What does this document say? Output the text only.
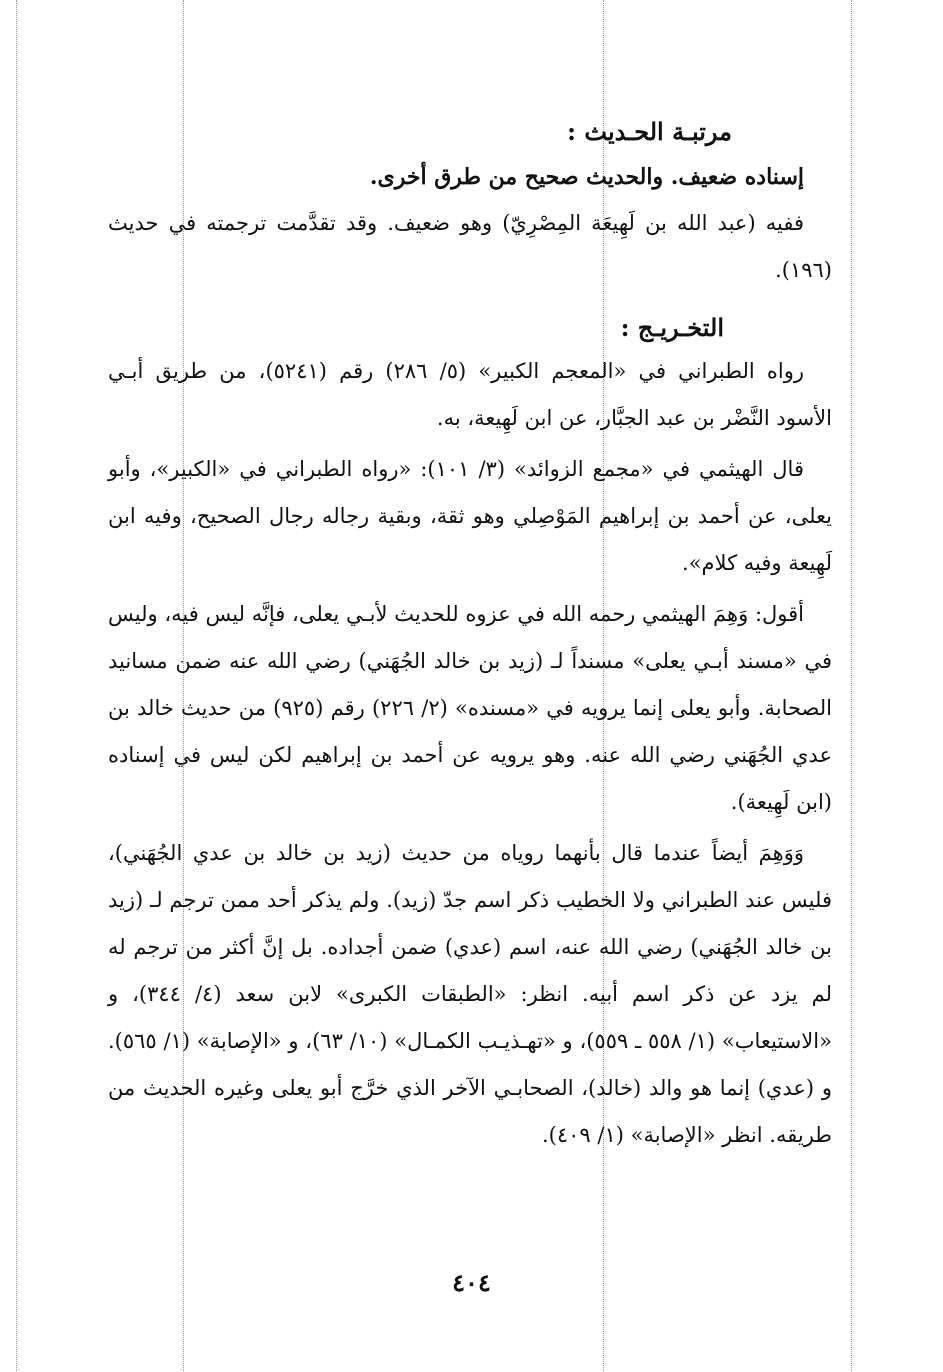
مرتبـة الحـديث :

إسناده ضعيف. والحديث صحيح من طرق أخرى.

ففيه (عبد الله بن لَهِيعَة المِصْرِيّ) وهو ضعيف. وقد تقدَّمت ترجمته في حديث (١٩٦).

التخـريـج :

رواه الطبراني في «المعجم الكبير» (٥/ ٢٨٦) رقم (٥٢٤١)، من طريق أبـي الأسود النَّضْر بن عبد الجبَّار، عن ابن لَهِيعة، به.

قال الهيثمي في «مجمع الزوائد» (٣/ ١٠١): «رواه الطبراني في «الكبير»، وأبو يعلى، عن أحمد بن إبراهيم المَوْصِلي وهو ثقة، وبقية رجاله رجال الصحيح، وفيه ابن لَهِيعة وفيه كلام».

أقول: وَهِمَ الهيثمي رحمه الله في عزوه للحديث لأبـي يعلى، فإنَّه ليس فيه، وليس في «مسند أبـي يعلى» مسنداً لـ (زيد بن خالد الجُهَني) رضي الله عنه ضمن مسانيد الصحابة. وأبو يعلى إنما يرويه في «مسنده» (٢/ ٢٢٦) رقم (٩٢٥) من حديث خالد بن عدي الجُهَني رضي الله عنه. وهو يرويه عن أحمد بن إبراهيم لكن ليس في إسناده (ابن لَهِيعة).

وَوَهِمَ أيضاً عندما قال بأنهما روياه من حديث (زيد بن خالد بن عدي الجُهَني)، فليس عند الطبراني ولا الخطيب ذكر اسم جدّ (زيد). ولم يذكر أحد ممن ترجم لـ (زيد بن خالد الجُهَني) رضي الله عنه، اسم (عدي) ضمن أجداده. بل إنَّ أكثر من ترجم له لم يزد عن ذكر اسم أبيه. انظر: «الطبقات الكبرى» لابن سعد (٤/ ٣٤٤)، و «الاستيعاب» (١/ ٥٥٨ ـ ٥٥٩)، و «تهـذيـب الكمـال» (١٠/ ٦٣)، و «الإصابة» (١/ ٥٦٥). و (عدي) إنما هو والد (خالد)، الصحابـي الآخر الذي خرَّج أبو يعلى وغيره الحديث من طريقه. انظر «الإصابة» (١/ ٤٠٩).

٤٠٤
